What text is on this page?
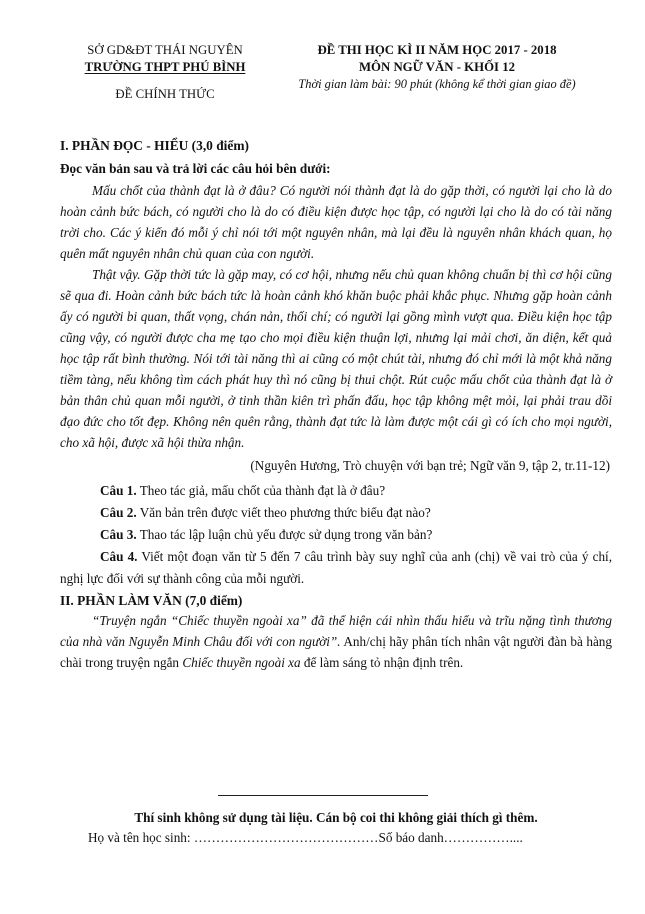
SỞ GD&ĐT THÁI NGUYÊN
TRƯỜNG THPT PHÚ BÌNH
ĐỀ CHÍNH THỨC
ĐỀ THI HỌC KÌ II NĂM HỌC 2017 - 2018
MÔN NGỮ VĂN - KHỐI 12
Thời gian làm bài: 90 phút (không kể thời gian giao đề)
I. PHẦN ĐỌC - HIỂU (3,0 điểm)
Đọc văn bản sau và trả lời các câu hỏi bên dưới:

Mấu chốt của thành đạt là ở đâu? Có người nói thành đạt là do gặp thời, có người lại cho là do hoàn cảnh bức bách, có người cho là do có điều kiện được học tập, có người lại cho là do có tài năng trời cho. Các ý kiến đó mỗi ý chỉ nói tới một nguyên nhân, mà lại đều là nguyên nhân khách quan, họ quên mất nguyên nhân chủ quan của con người.

Thật vậy. Gặp thời tức là gặp may, có cơ hội, nhưng nếu chủ quan không chuẩn bị thì cơ hội cũng sẽ qua đi. Hoàn cảnh bức bách tức là hoàn cảnh khó khăn buộc phải khắc phục. Nhưng gặp hoàn cảnh ấy có người bi quan, thất vọng, chán nản, thối chí; có người lại gồng mình vượt qua. Điều kiện học tập cũng vậy, có người được cha mẹ tạo cho mọi điều kiện thuận lợi, nhưng lại mải chơi, ăn diện, kết quả học tập rất bình thường. Nói tới tài năng thì ai cũng có một chút tài, nhưng đó chỉ mới là một khả năng tiềm tàng, nếu không tìm cách phát huy thì nó cũng bị thui chột. Rút cuộc mấu chốt của thành đạt là ở bản thân chủ quan mỗi người, ở tinh thần kiên trì phấn đấu, học tập không mệt mỏi, lại phải trau dồi đạo đức cho tốt đẹp. Không nên quên rằng, thành đạt tức là làm được một cái gì có ích cho mọi người, cho xã hội, được xã hội thừa nhận.

(Nguyên Hương, Trò chuyện với bạn trẻ; Ngữ văn 9, tập 2, tr.11-12)

Câu 1. Theo tác giả, mấu chốt của thành đạt là ở đâu?

Câu 2. Văn bản trên được viết theo phương thức biểu đạt nào?

Câu 3. Thao tác lập luận chủ yếu được sử dụng trong văn bản?

Câu 4. Viết một đoạn văn từ 5 đến 7 câu trình bày suy nghĩ của anh (chị) về vai trò của ý chí, nghị lực đối với sự thành công của mỗi người.

II. PHẦN LÀM VĂN (7,0 điểm)

“Truyện ngắn “Chiếc thuyền ngoài xa” đã thể hiện cái nhìn thấu hiểu và trĩu nặng tình thương của nhà văn Nguyễn Minh Châu đối với con người”. Anh/chị hãy phân tích nhân vật người đàn bà hàng chài trong truyện ngắn Chiếc thuyền ngoài xa để làm sáng tỏ nhận định trên.

Thí sinh không sử dụng tài liệu. Cán bộ coi thi không giải thích gì thêm.
Họ và tên học sinh: ……………………………………Số báo danh……………....
